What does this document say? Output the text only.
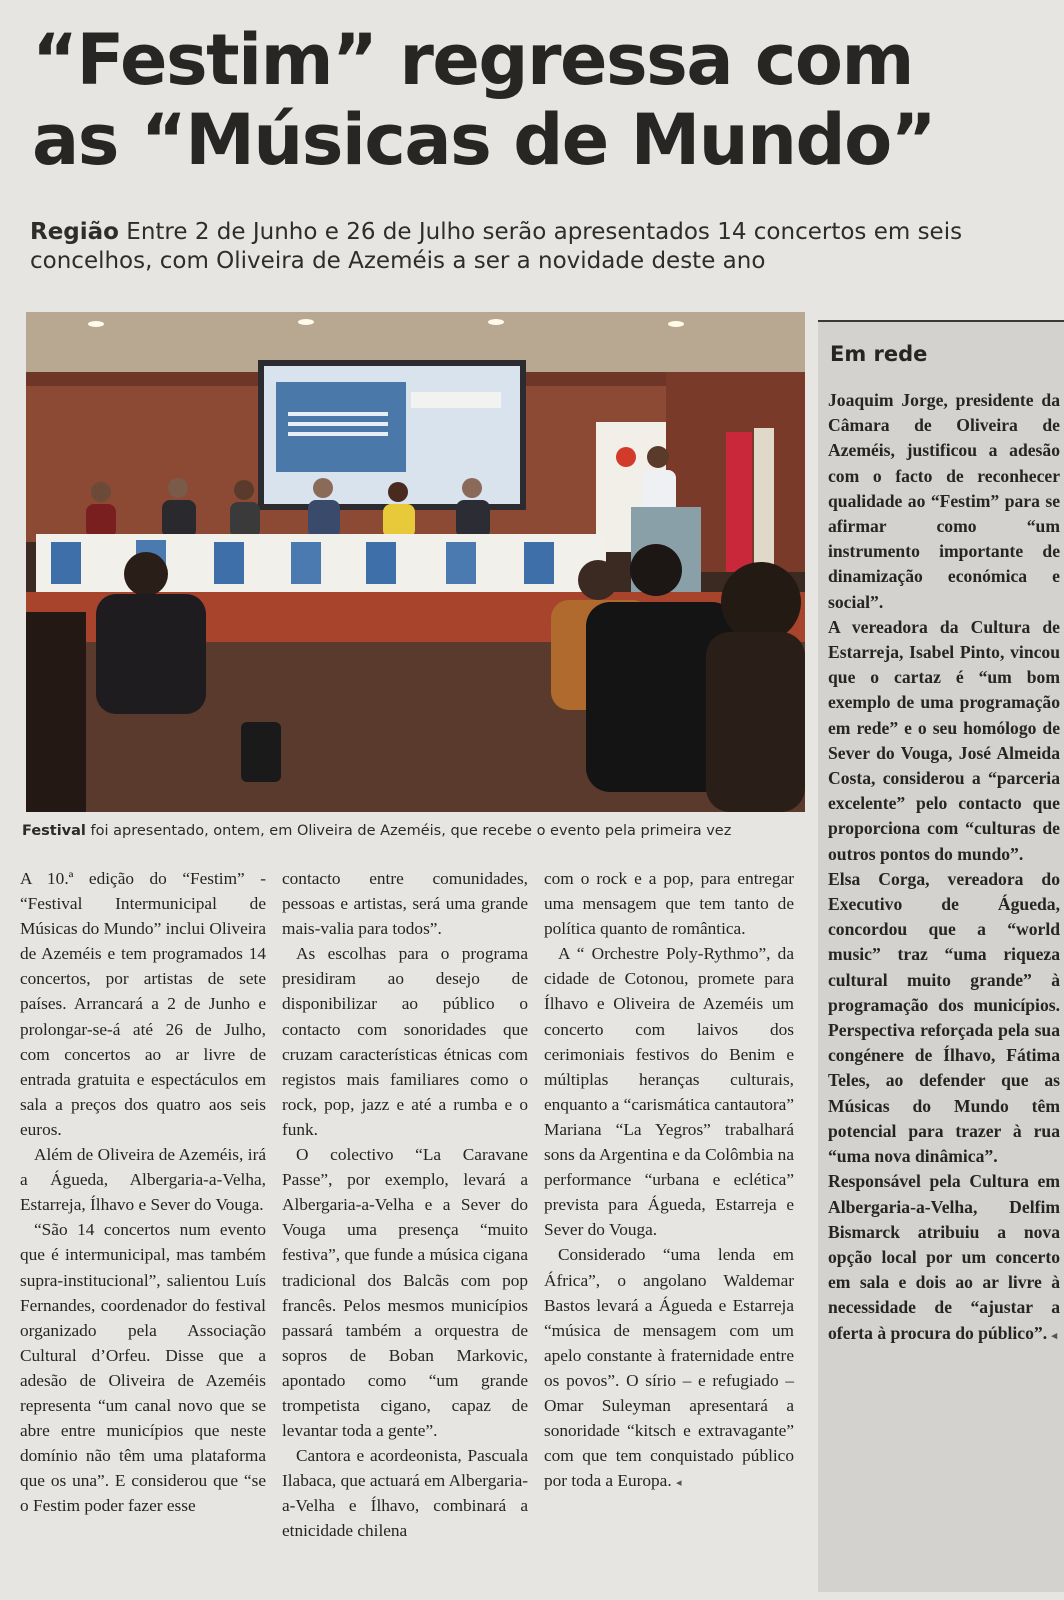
“Festim” regressa com
as “Músicas de Mundo”

Região Entre 2 de Junho e 26 de Julho serão apresentados 14 concertos em seis concelhos, com Oliveira de Azeméis a ser a novidade deste ano

Festival foi apresentado, ontem, em Oliveira de Azeméis, que recebe o evento pela primeira vez

A 10.ª edição do “Festim” - “Festival Intermunicipal de Músicas do Mundo” inclui Oliveira de Azeméis e tem programados 14 concertos, por artistas de sete países. Arrancará a 2 de Junho e prolongar-se-á até 26 de Julho, com concertos ao ar livre de entrada gratuita e espectáculos em sala a preços dos quatro aos seis euros.

Além de Oliveira de Azeméis, irá a Águeda, Albergaria-a-Velha, Estarreja, Ílhavo e Sever do Vouga.

“São 14 concertos num evento que é intermunicipal, mas também supra-institucional”, salientou Luís Fernandes, coordenador do festival organizado pela Associação Cultural d’Orfeu. Disse que a adesão de Oliveira de Azeméis representa “um canal novo que se abre entre municípios que neste domínio não têm uma plataforma que os una”. E considerou que “se o Festim poder fazer esse

contacto entre comunidades, pessoas e artistas, será uma grande mais-valia para todos”.

As escolhas para o programa presidiram ao desejo de disponibilizar ao público o contacto com sonoridades que cruzam características étnicas com registos mais familiares como o rock, pop, jazz e até a rumba e o funk.

O colectivo “La Caravane Passe”, por exemplo, levará a Albergaria-a-Velha e a Sever do Vouga uma presença “muito festiva”, que funde a música cigana tradicional dos Balcãs com pop francês. Pelos mesmos municípios passará também a orquestra de sopros de Boban Markovic, apontado como “um grande trompetista cigano, capaz de levantar toda a gente”.

Cantora e acordeonista, Pascuala Ilabaca, que actuará em Albergaria-a-Velha e Ílhavo, combinará a etnicidade chilena

com o rock e a pop, para entregar uma mensagem que tem tanto de política quanto de romântica.

A “ Orchestre Poly-Rythmo”, da cidade de Cotonou, promete para Ílhavo e Oliveira de Azeméis um concerto com laivos dos cerimoniais festivos do Benim e múltiplas heranças culturais, enquanto a “carismática cantautora” Mariana “La Yegros” trabalhará sons da Argentina e da Colômbia na performance “urbana e eclética” prevista para Águeda, Estarreja e Sever do Vouga.

Considerado “uma lenda em África”, o angolano Waldemar Bastos levará a Águeda e Estarreja “música de mensagem com um apelo constante à fraternidade entre os povos”. O sírio – e refugiado – Omar Suleyman apresentará a sonoridade “kitsch e extravagante” com que tem conquistado público por toda a Europa. ◂

Em rede

Joaquim Jorge, presidente da Câmara de Oliveira de Azeméis, justificou a adesão com o facto de reconhecer qualidade ao “Festim” para se afirmar como “um instrumento importante de dinamização económica e social”.

A vereadora da Cultura de Estarreja, Isabel Pinto, vincou que o cartaz é “um bom exemplo de uma programação em rede” e o seu homólogo de Sever do Vouga, José Almeida Costa, considerou a “parceria excelente” pelo contacto que proporciona com “culturas de outros pontos do mundo”.

Elsa Corga, vereadora do Executivo de Águeda, concordou que a “world music” traz “uma riqueza cultural muito grande” à programação dos municípios. Perspectiva reforçada pela sua congénere de Ílhavo, Fátima Teles, ao defender que as Músicas do Mundo têm potencial para trazer à rua “uma nova dinâmica”.

Responsável pela Cultura em Albergaria-a-Velha, Delfim Bismarck atribuiu a nova opção local por um concerto em sala e dois ao ar livre à necessidade de “ajustar a oferta à procura do público”. ◂
